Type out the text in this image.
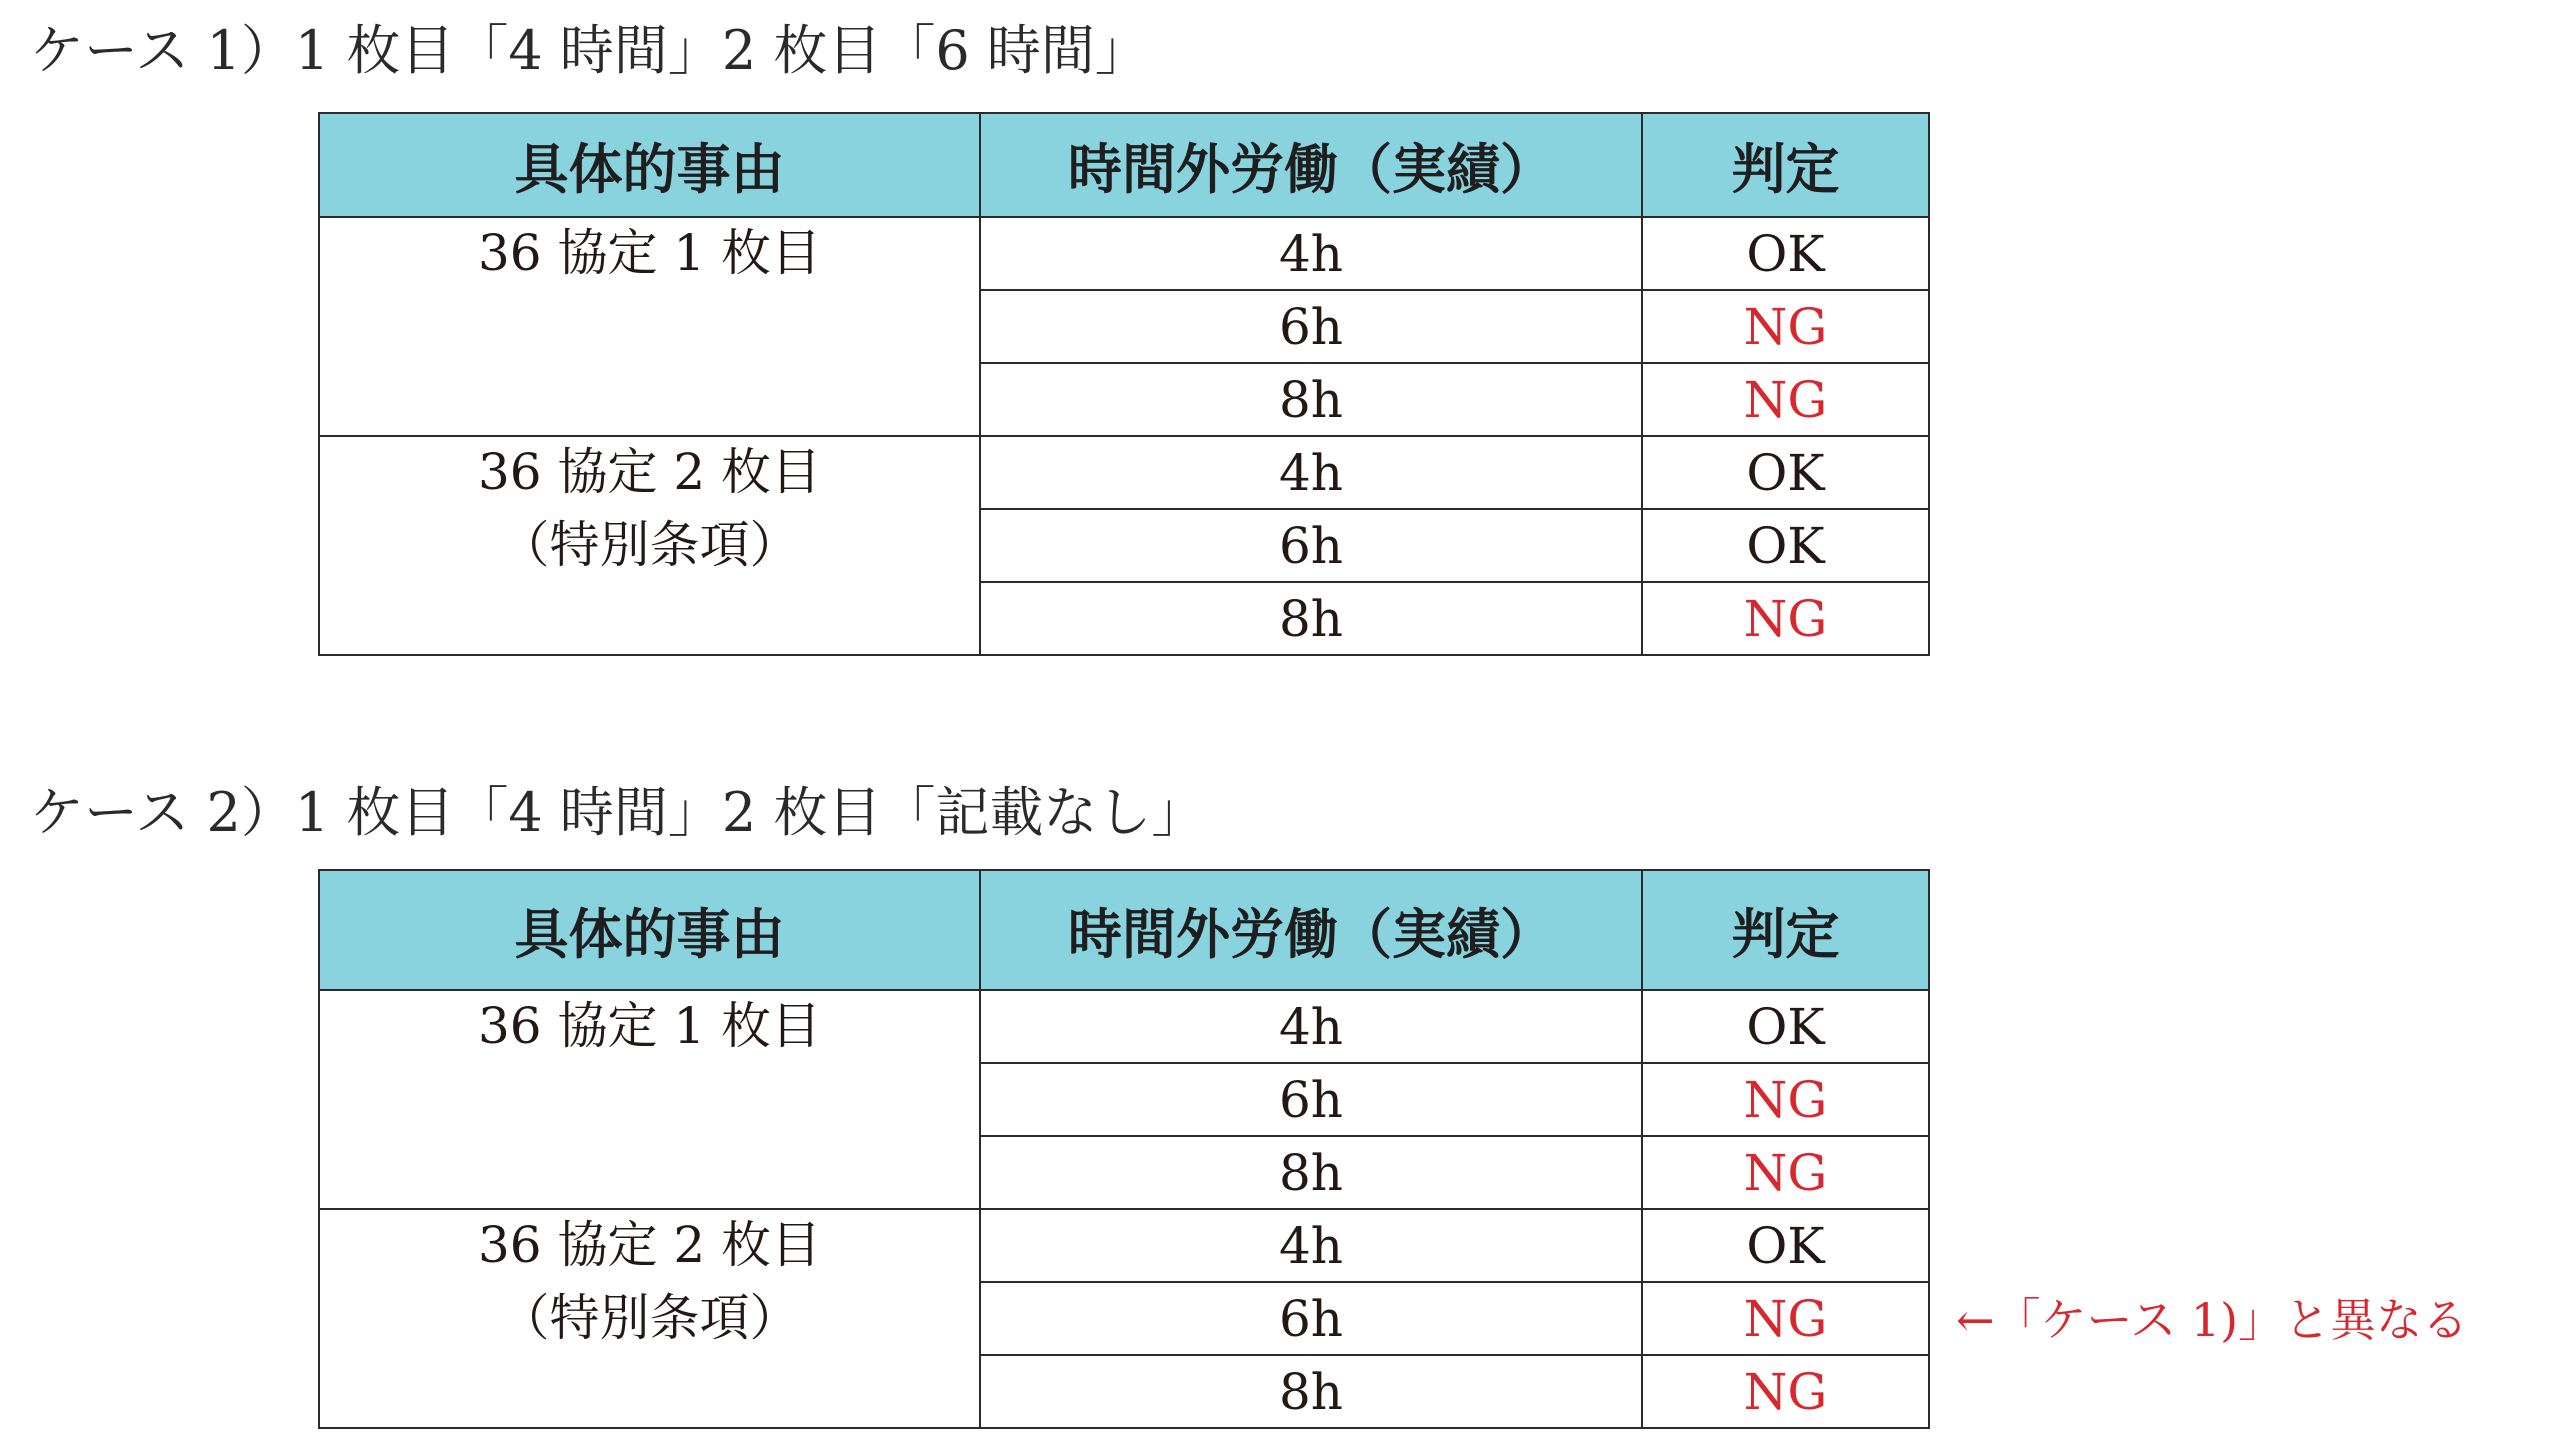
ケース 1）1 枚目「4 時間」2 枚目「6 時間」
具体的事由	時間外労働（実績）	判定
36 協定 1 枚目	4h	OK
6h	NG
8h	NG
36 協定 2 枚目
（特別条項）
4h	OK
6h	OK
8h	NG
ケース 2）1 枚目「4 時間」2 枚目「記載なし」
具体的事由	時間外労働（実績）	判定
36 協定 1 枚目	4h	OK
6h	NG
8h	NG
36 協定 2 枚目
（特別条項）
4h	OK
6h	NG
8h	NG
←「ケース 1)」と異なる
